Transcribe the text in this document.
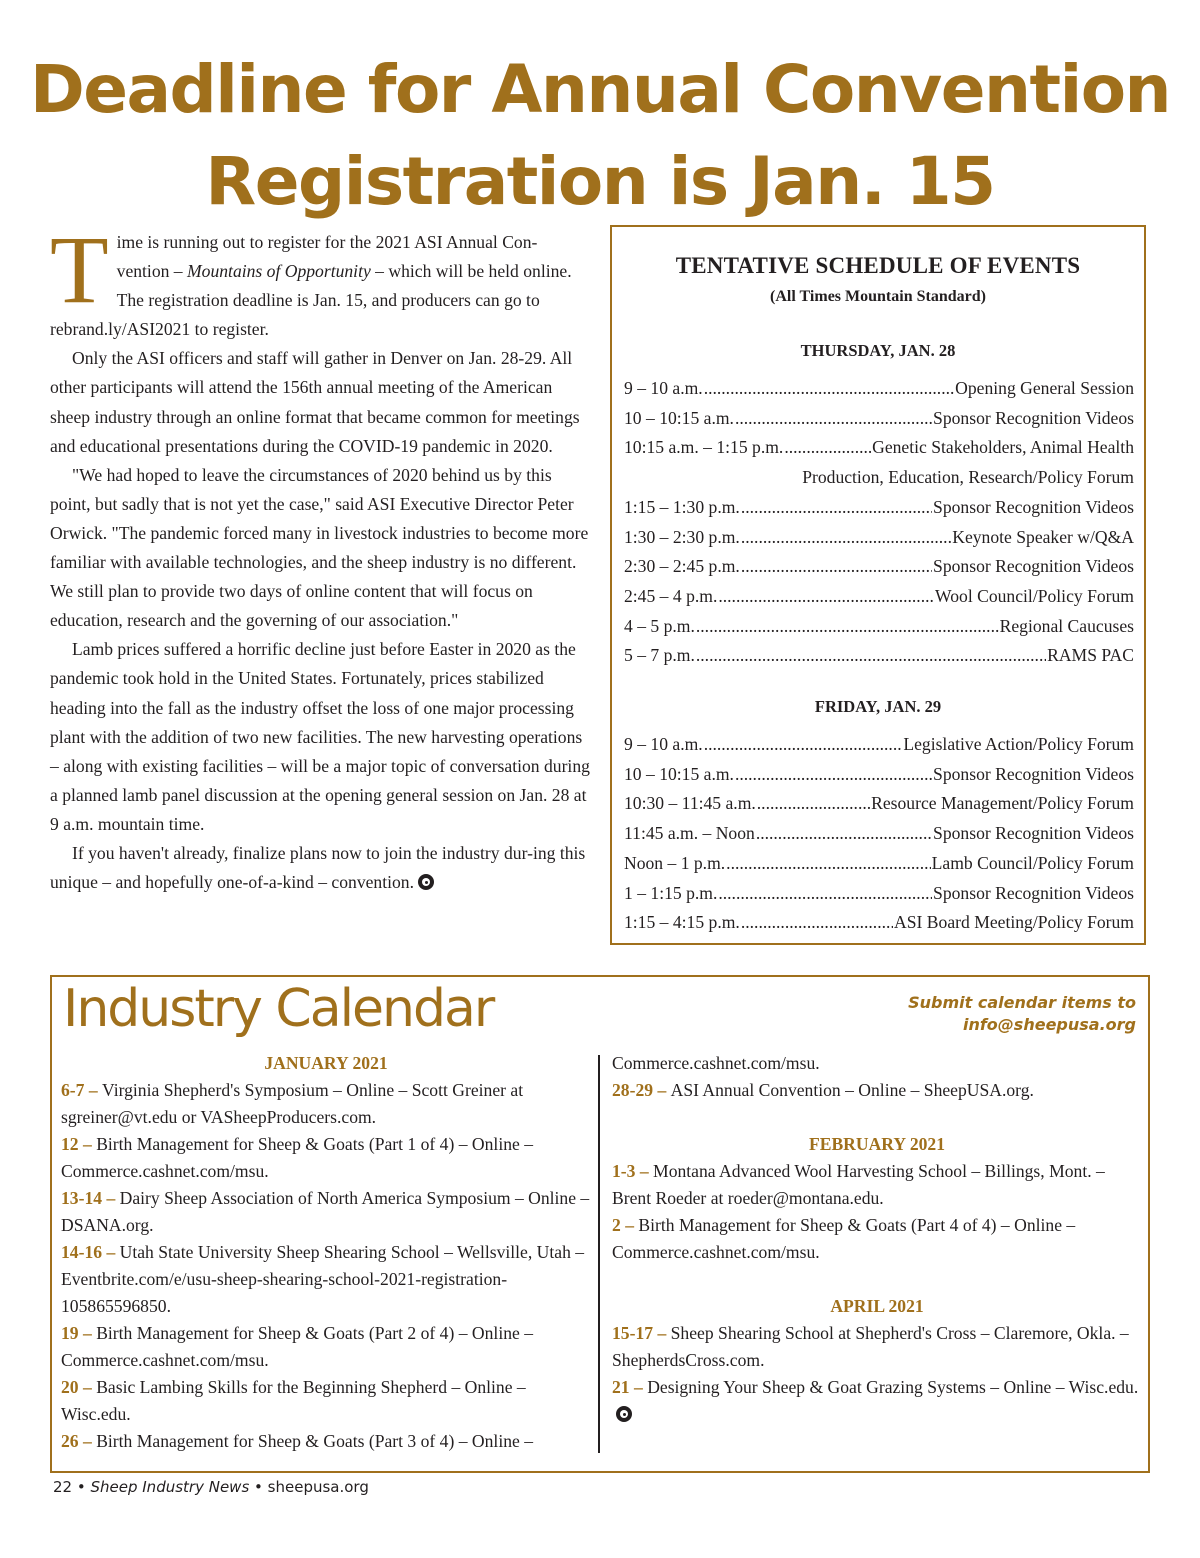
Deadline for Annual Convention
Registration is Jan. 15

Time is running out to register for the 2021 ASI Annual Con-vention – Mountains of Opportunity – which will be held online. The registration deadline is Jan. 15, and producers can go to rebrand.ly/ASI2021 to register.

Only the ASI officers and staff will gather in Denver on Jan. 28-29. All other participants will attend the 156th annual meeting of the American sheep industry through an online format that became common for meetings and educational presentations during the COVID-19 pandemic in 2020.

"We had hoped to leave the circumstances of 2020 behind us by this point, but sadly that is not yet the case," said ASI Executive Director Peter Orwick. "The pandemic forced many in livestock industries to become more familiar with available technologies, and the sheep industry is no different. We still plan to provide two days of online content that will focus on education, research and the governing of our association."

Lamb prices suffered a horrific decline just before Easter in 2020 as the pandemic took hold in the United States. Fortunately, prices stabilized heading into the fall as the industry offset the loss of one major processing plant with the addition of two new facilities. The new harvesting operations – along with existing facilities – will be a major topic of conversation during a planned lamb panel discussion at the opening general session on Jan. 28 at 9 a.m. mountain time.

If you haven't already, finalize plans now to join the industry dur-ing this unique – and hopefully one-of-a-kind – convention.

TENTATIVE SCHEDULE OF EVENTS
(All Times Mountain Standard)
THURSDAY, JAN. 28
9 – 10 a.m. .....	Opening General Session
10 – 10:15 a.m. .....	Sponsor Recognition Videos
10:15 a.m. – 1:15 p.m. .....	Genetic Stakeholders, Animal Health
Production, Education, Research/Policy Forum
1:15 – 1:30 p.m. .....	Sponsor Recognition Videos
1:30 – 2:30 p.m. .....	Keynote Speaker w/Q&A
2:30 – 2:45 p.m. .....	Sponsor Recognition Videos
2:45 – 4 p.m. .....	Wool Council/Policy Forum
4 – 5 p.m. .....	Regional Caucuses
5 – 7 p.m. .....	RAMS PAC
FRIDAY, JAN. 29
9 – 10 a.m. .....	Legislative Action/Policy Forum
10 – 10:15 a.m. .....	Sponsor Recognition Videos
10:30 – 11:45 a.m. .....	Resource Management/Policy Forum
11:45 a.m. – Noon .....	Sponsor Recognition Videos
Noon – 1 p.m. .....	Lamb Council/Policy Forum
1 – 1:15 p.m. .....	Sponsor Recognition Videos
1:15 – 4:15 p.m. .....	ASI Board Meeting/Policy Forum
Industry Calendar	Submit calendar items to
info@sheepusa.org
JANUARY 2021
6-7 – Virginia Shepherd's Symposium – Online – Scott Greiner at sgreiner@vt.edu or VASheepProducers.com.
12 – Birth Management for Sheep & Goats (Part 1 of 4) – Online – Commerce.cashnet.com/msu.
13-14 – Dairy Sheep Association of North America Symposium – Online – DSANA.org.
14-16 – Utah State University Sheep Shearing School – Wellsville, Utah – Eventbrite.com/e/usu-sheep-shearing-school-2021-registration-105865596850.
19 – Birth Management for Sheep & Goats (Part 2 of 4) – Online – Commerce.cashnet.com/msu.
20 – Basic Lambing Skills for the Beginning Shepherd – Online – Wisc.edu.
26 – Birth Management for Sheep & Goats (Part 3 of 4) – Online –
Commerce.cashnet.com/msu.
28-29 – ASI Annual Convention – Online – SheepUSA.org.
FEBRUARY 2021
1-3 – Montana Advanced Wool Harvesting School – Billings, Mont. – Brent Roeder at roeder@montana.edu.
2 – Birth Management for Sheep & Goats (Part 4 of 4) – Online – Commerce.cashnet.com/msu.
APRIL 2021
15-17 – Sheep Shearing School at Shepherd's Cross – Claremore, Okla. – ShepherdsCross.com.
21 – Designing Your Sheep & Goat Grazing Systems – Online – Wisc.edu.
22 • Sheep Industry News • sheepusa.org
